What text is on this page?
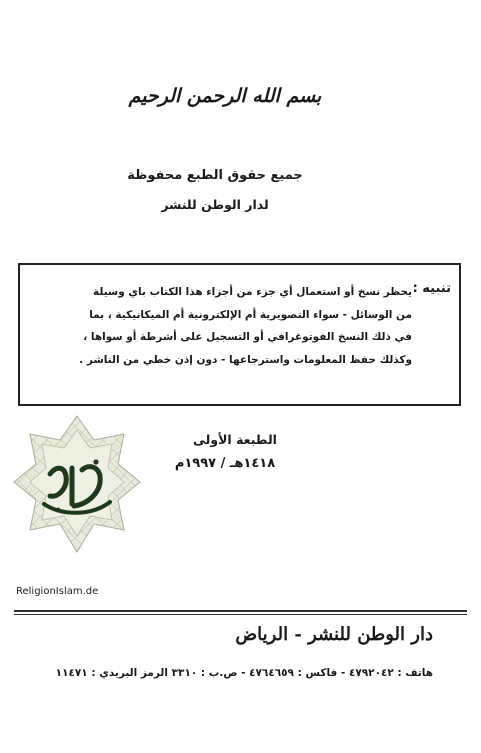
بسم الله الرحمن الرحيم
جميع حقوق الطبع محفوظة
لدار الوطن للنشر
تنبيه :
يحظر نسخ أو استعمال أي جزء من أجزاء هذا الكتاب باي وسيلة
من الوسائل - سواء التصويرية أم الإلكترونية أم الميكانيكية ، بما
في ذلك النسخ الفوتوغرافي أو التسجيل على أشرطة أو سواها ،
وكذلك حفظ المعلومات واسترجاعها - دون إذن خطي من الناشر .
الطبعة الأولى
١٤١٨هـ / ١٩٩٧م
ReligionIslam.de
دار الوطن للنشر - الرياض
هاتف : ٤٧٩٢٠٤٢ - فاكس : ٤٧٦٤٦٥٩ - ص.ب : ٣٣١٠ الرمز البريدي : ١١٤٧١
